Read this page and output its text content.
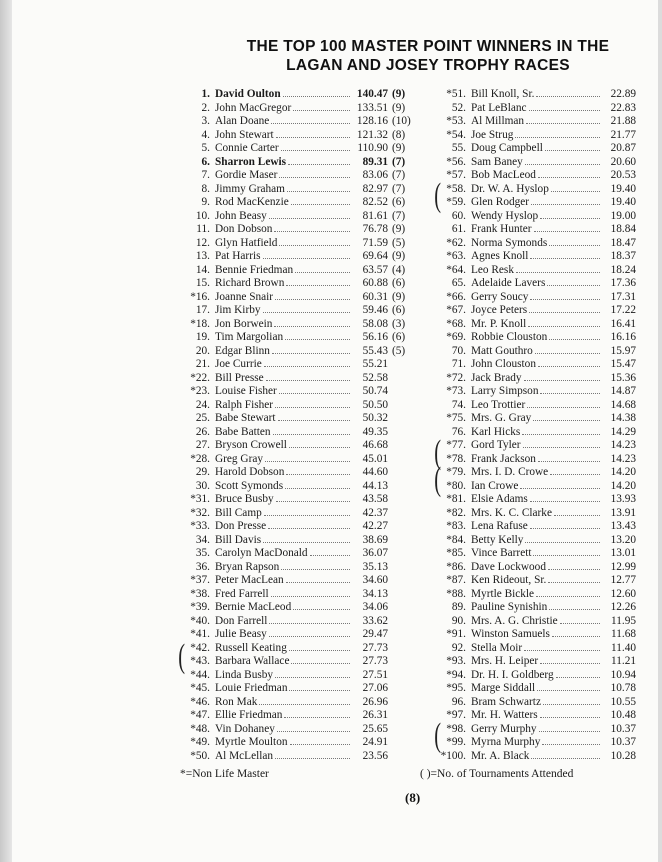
THE TOP 100 MASTER POINT WINNERS IN THE
LAGAN AND JOSEY TROPHY RACES
1. David Oulton	140.47 (9)
2. John MacGregor	133.51 (9)
3. Alan Doane	128.16 (10)
4. John Stewart	121.32 (8)
5. Connie Carter	110.90 (9)
6. Sharron Lewis	89.31 (7)
7. Gordie Maser	83.06 (7)
8. Jimmy Graham	82.97 (7)
9. Rod MacKenzie	82.52 (6)
10. John Beasy	81.61 (7)
11. Don Dobson	76.78 (9)
12. Glyn Hatfield	71.59 (5)
13. Pat Harris	69.64 (9)
14. Bennie Friedman	63.57 (4)
15. Richard Brown	60.88 (6)
*16. Joanne Snair	60.31 (9)
17. Jim Kirby	59.46 (6)
*18. Jon Borwein	58.08 (3)
19. Tim Margolian	56.16 (6)
20. Edgar Blinn	55.43 (5)
21. Joe Currie	55.21
*22. Bill Presse	52.58
*23. Louise Fisher	50.74
24. Ralph Fisher	50.50
25. Babe Stewart	50.32
26. Babe Batten	49.35
27. Bryson Crowell	46.68
*28. Greg Gray	45.01
29. Harold Dobson	44.60
30. Scott Symonds	44.13
*31. Bruce Busby	43.58
*32. Bill Camp	42.37
*33. Don Presse	42.27
34. Bill Davis	38.69
35. Carolyn MacDonald	36.07
36. Bryan Rapson	35.13
*37. Peter MacLean	34.60
*38. Fred Farrell	34.13
*39. Bernie MacLeod	34.06
*40. Don Farrell	33.62
*41. Julie Beasy	29.47
*42. Russell Keating	27.73
*43. Barbara Wallace	27.73
*44. Linda Busby	27.51
*45. Louie Friedman	27.06
*46. Ron Mak	26.96
*47. Ellie Friedman	26.31
*48. Vin Dohaney	25.65
*49. Myrtle Moulton	24.91
*50. Al McLellan	23.56
*51. Bill Knoll, Sr.	22.89
52. Pat LeBlanc	22.83
*53. Al Millman	21.88
*54. Joe Strug	21.77
55. Doug Campbell	20.87
*56. Sam Baney	20.60
*57. Bob MacLeod	20.53
*58. Dr. W. A. Hyslop	19.40
*59. Glen Rodger	19.40
60. Wendy Hyslop	19.00
61. Frank Hunter	18.84
*62. Norma Symonds	18.47
*63. Agnes Knoll	18.37
*64. Leo Resk	18.24
65. Adelaide Lavers	17.36
*66. Gerry Soucy	17.31
*67. Joyce Peters	17.22
*68. Mr. P. Knoll	16.41
*69. Robbie Clouston	16.16
70. Matt Gouthro	15.97
71. John Clouston	15.47
*72. Jack Brady	15.36
*73. Larry Simpson	14.87
74. Leo Trottier	14.68
*75. Mrs. G. Gray	14.38
76. Karl Hicks	14.29
*77. Gord Tyler	14.23
*78. Frank Jackson	14.23
*79. Mrs. I. D. Crowe	14.20
*80. Ian Crowe	14.20
*81. Elsie Adams	13.93
*82. Mrs. K. C. Clarke	13.91
*83. Lena Rafuse	13.43
*84. Betty Kelly	13.20
*85. Vince Barrett	13.01
*86. Dave Lockwood	12.99
*87. Ken Rideout, Sr.	12.77
*88. Myrtle Bickle	12.60
89. Pauline Synishin	12.26
90. Mrs. A. G. Christie	11.95
*91. Winston Samuels	11.68
92. Stella Moir	11.40
*93. Mrs. H. Leiper	11.21
*94. Dr. H. I. Goldberg	10.94
*95. Marge Siddall	10.78
96. Bram Schwartz	10.55
*97. Mr. H. Watters	10.48
*98. Gerry Murphy	10.37
*99. Myrna Murphy	10.37
*100. Mr. A. Black	10.28
(
(
(
(
(
*=Non Life Master	( )=No. of Tournaments Attended
(8)
